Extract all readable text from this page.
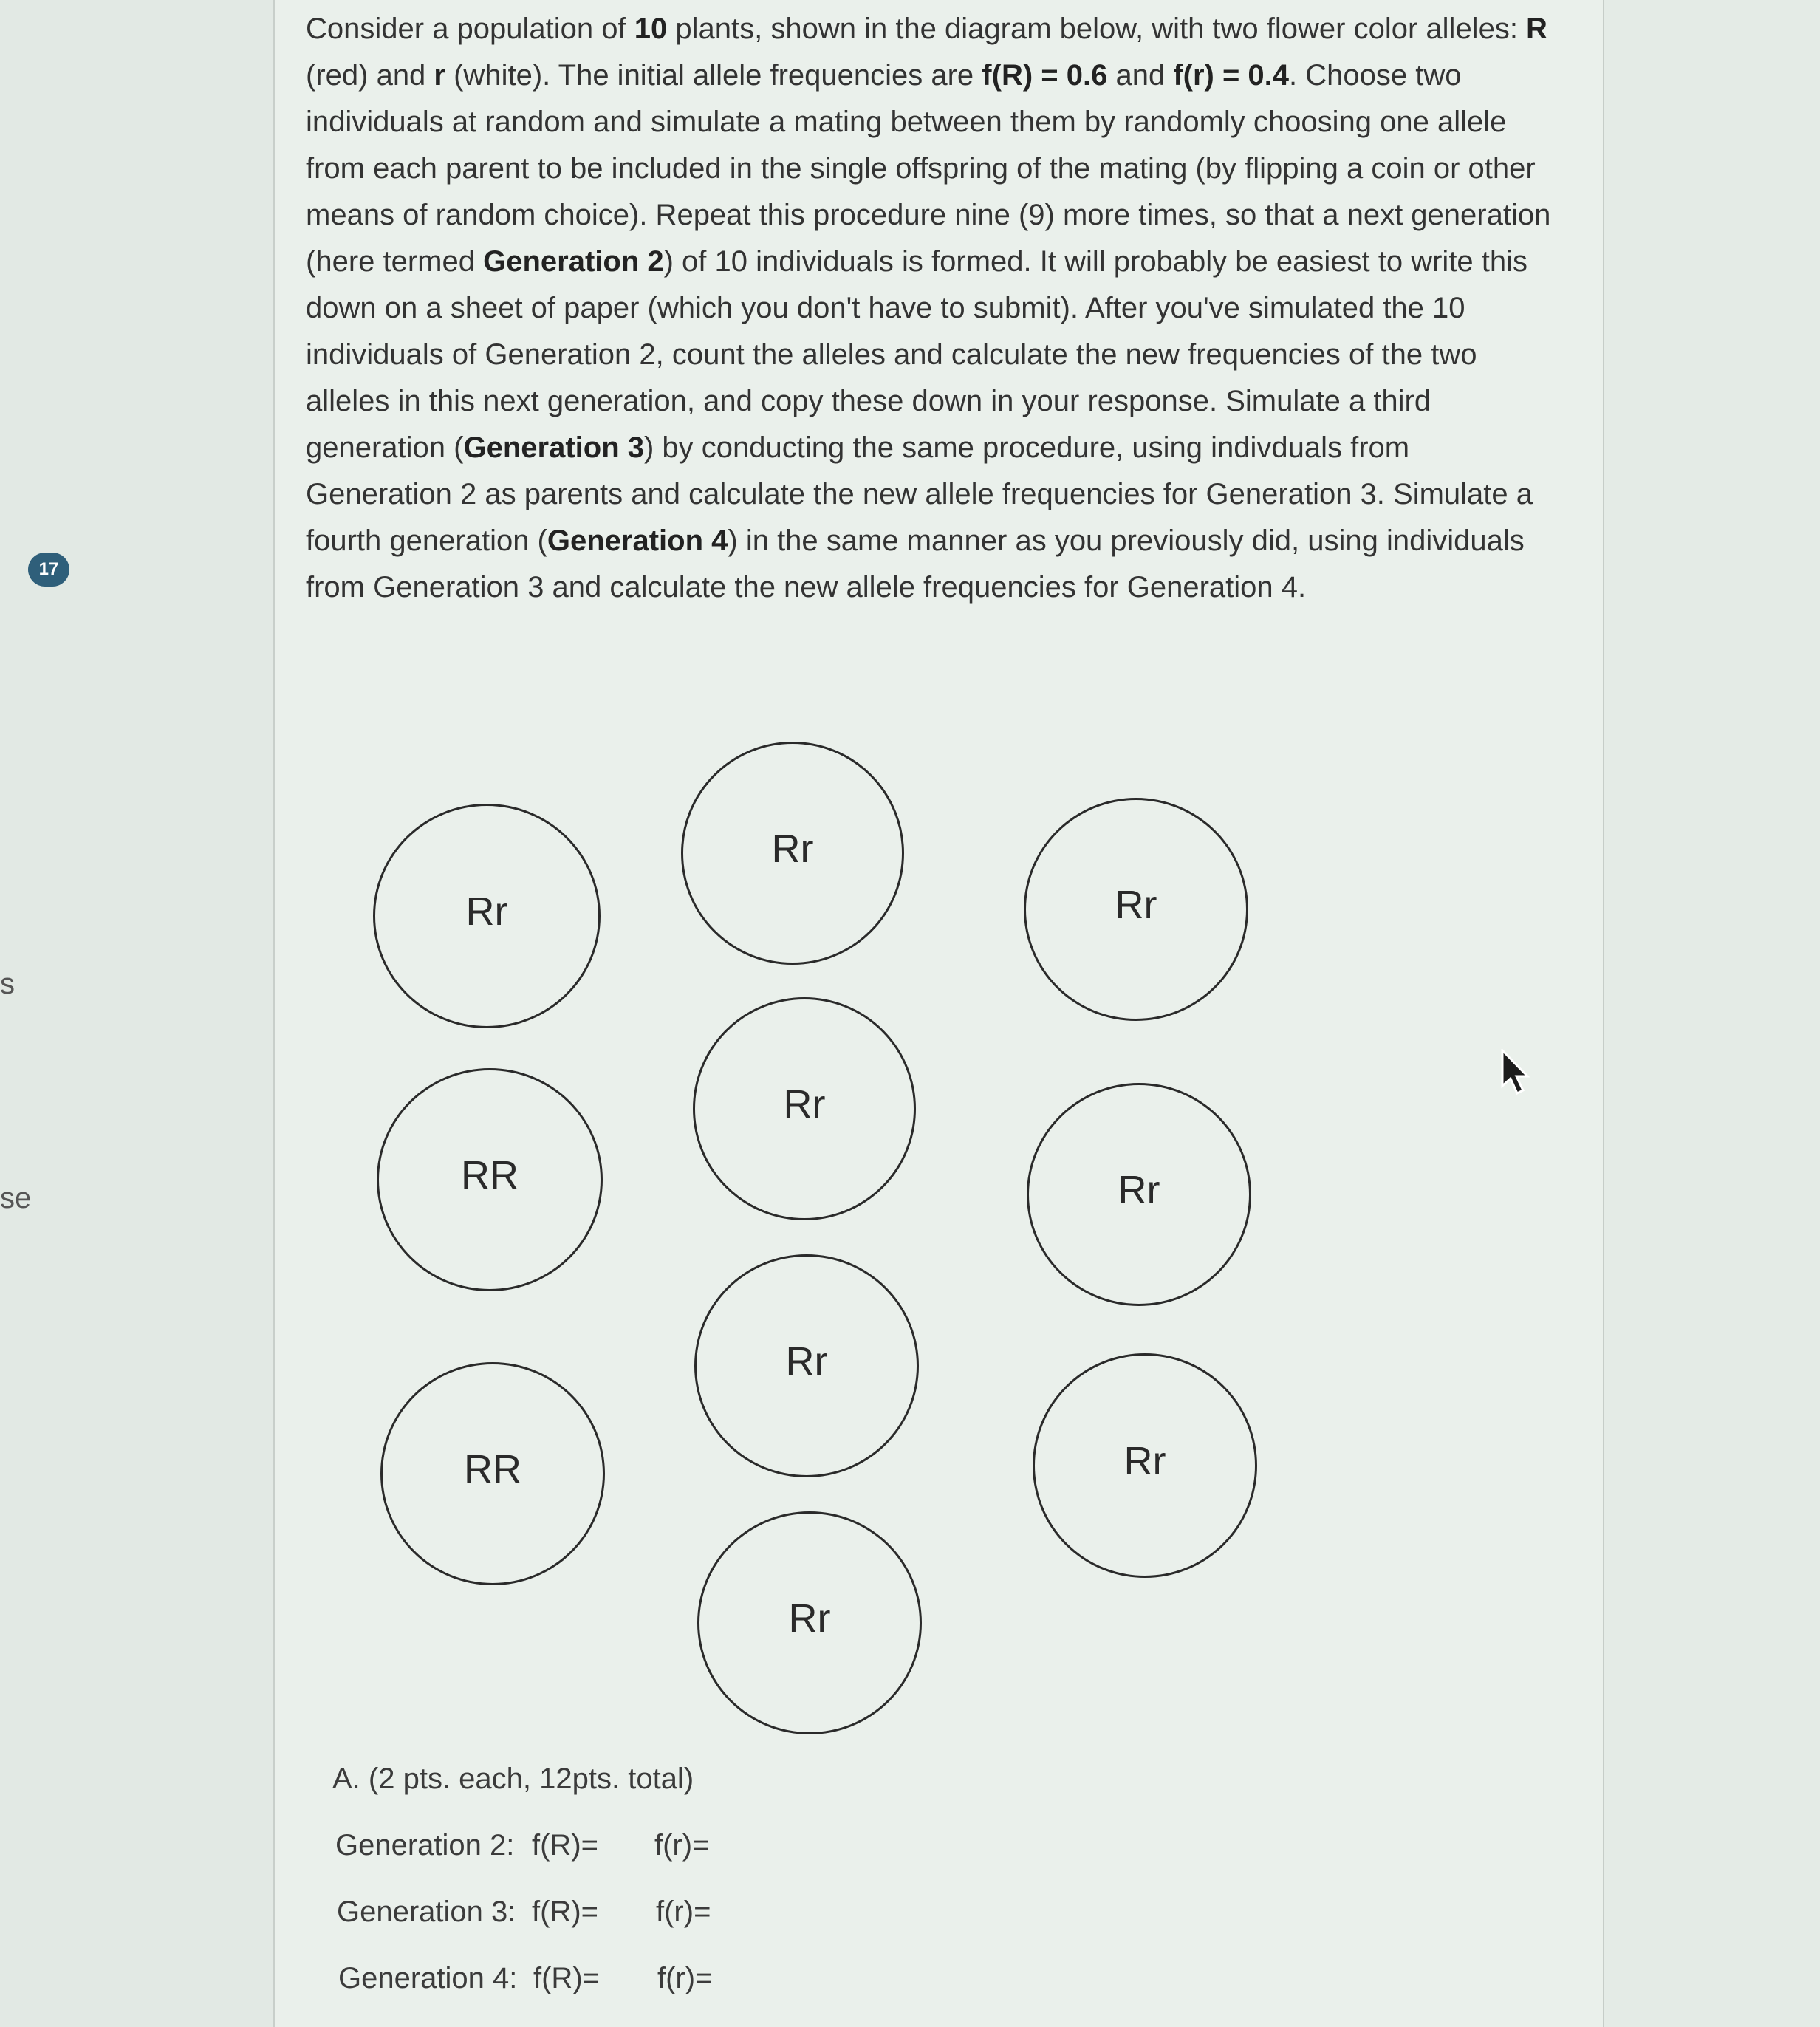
17
s
se
Consider a population of 10 plants, shown in the diagram below, with two flower color alleles: R (red) and r (white). The initial allele frequencies are f(R) = 0.6 and f(r) = 0.4. Choose two individuals at random and simulate a mating between them by randomly choosing one allele from each parent to be included in the single offspring of the mating (by flipping a coin or other means of random choice). Repeat this procedure nine (9) more times, so that a next generation (here termed Generation 2) of 10 individuals is formed. It will probably be easiest to write this down on a sheet of paper (which you don't have to submit). After you've simulated the 10 individuals of Generation 2, count the alleles and calculate the new frequencies of the two alleles in this next generation, and copy these down in your response. Simulate a third generation (Generation 3) by conducting the same procedure, using indivduals from Generation 2 as parents and calculate the new allele frequencies for Generation 3. Simulate a fourth generation (Generation 4) in the same manner as you previously did, using individuals from Generation 3 and calculate the new allele frequencies for Generation 4.
Rr
RR
RR
Rr
Rr
Rr
Rr
Rr
Rr
Rr
A. (2 pts. each, 12pts. total)
Generation 2: f(R)= f(r)=
Generation 3: f(R)= f(r)=
Generation 4: f(R)= f(r)=
